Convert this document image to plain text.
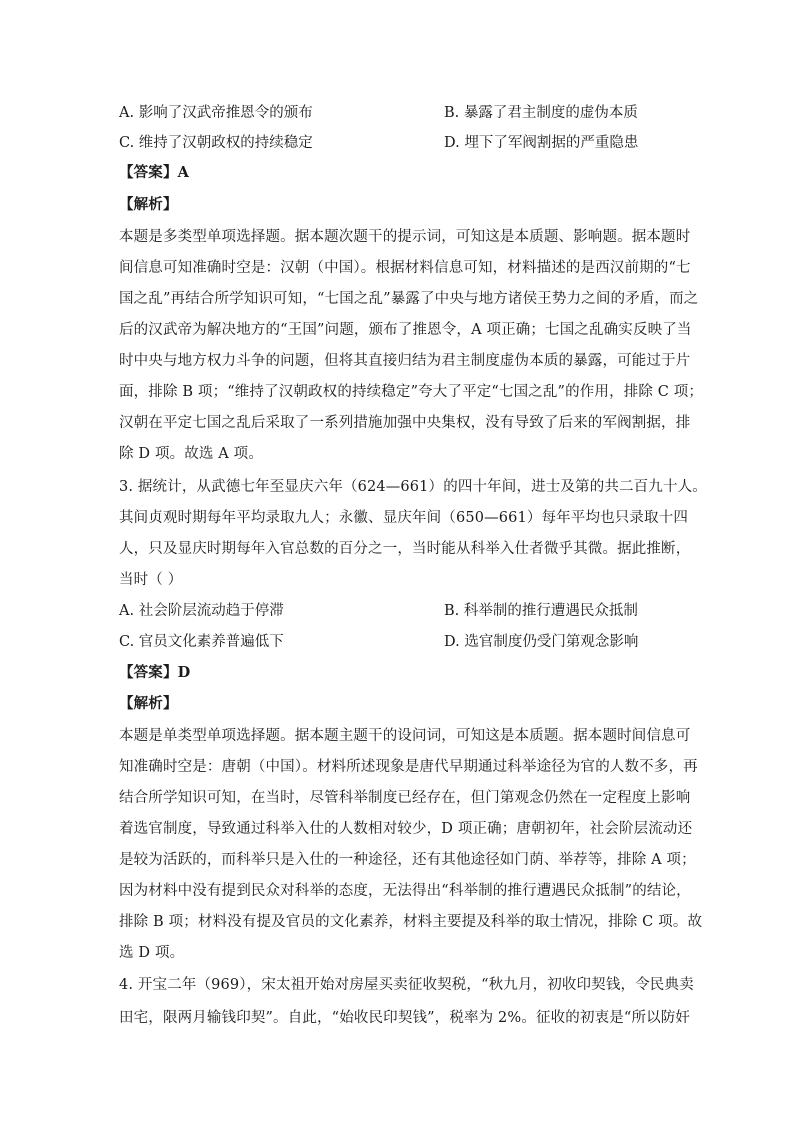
A. 影响了汉武帝推恩令的颁布	B. 暴露了君主制度的虚伪本质
C. 维持了汉朝政权的持续稳定	D. 埋下了军阀割据的严重隐患
【答案】A
【解析】
本题是多类型单项选择题。据本题次题干的提示词，可知这是本质题、影响题。据本题时
间信息可知准确时空是：汉朝（中国）。根据材料信息可知，材料描述的是西汉前期的“七
国之乱”再结合所学知识可知，“七国之乱”暴露了中央与地方诸侯王势力之间的矛盾，而之
后的汉武帝为解决地方的“王国”问题，颁布了推恩令，A 项正确；七国之乱确实反映了当
时中央与地方权力斗争的问题，但将其直接归结为君主制度虚伪本质的暴露，可能过于片
面，排除 B 项；“维持了汉朝政权的持续稳定”夸大了平定“七国之乱”的作用，排除 C 项；
汉朝在平定七国之乱后采取了一系列措施加强中央集权，没有导致了后来的军阀割据，排
除 D 项。故选 A 项。
3. 据统计，从武德七年至显庆六年（624—661）的四十年间，进士及第的共二百九十人。
其间贞观时期每年平均录取九人；永徽、显庆年间（650—661）每年平均也只录取十四
人，只及显庆时期每年入官总数的百分之一，当时能从科举入仕者微乎其微。据此推断，
当时（ ）
A. 社会阶层流动趋于停滞	B. 科举制的推行遭遇民众抵制
C. 官员文化素养普遍低下	D. 选官制度仍受门第观念影响
【答案】D
【解析】
本题是单类型单项选择题。据本题主题干的设问词，可知这是本质题。据本题时间信息可
知准确时空是：唐朝（中国）。材料所述现象是唐代早期通过科举途径为官的人数不多，再
结合所学知识可知，在当时，尽管科举制度已经存在，但门第观念仍然在一定程度上影响
着选官制度，导致通过科举入仕的人数相对较少，D 项正确；唐朝初年，社会阶层流动还
是较为活跃的，而科举只是入仕的一种途径，还有其他途径如门荫、举荐等，排除 A 项；
因为材料中没有提到民众对科举的态度，无法得出“科举制的推行遭遇民众抵制”的结论，
排除 B 项；材料没有提及官员的文化素养，材料主要提及科举的取士情况，排除 C 项。故
选 D 项。
4. 开宝二年（969），宋太祖开始对房屋买卖征收契税，“秋九月，初收印契钱，令民典卖
田宅，限两月输钱印契”。自此，“始收民印契钱”，税率为 2%。征收的初衷是“所以防奸
